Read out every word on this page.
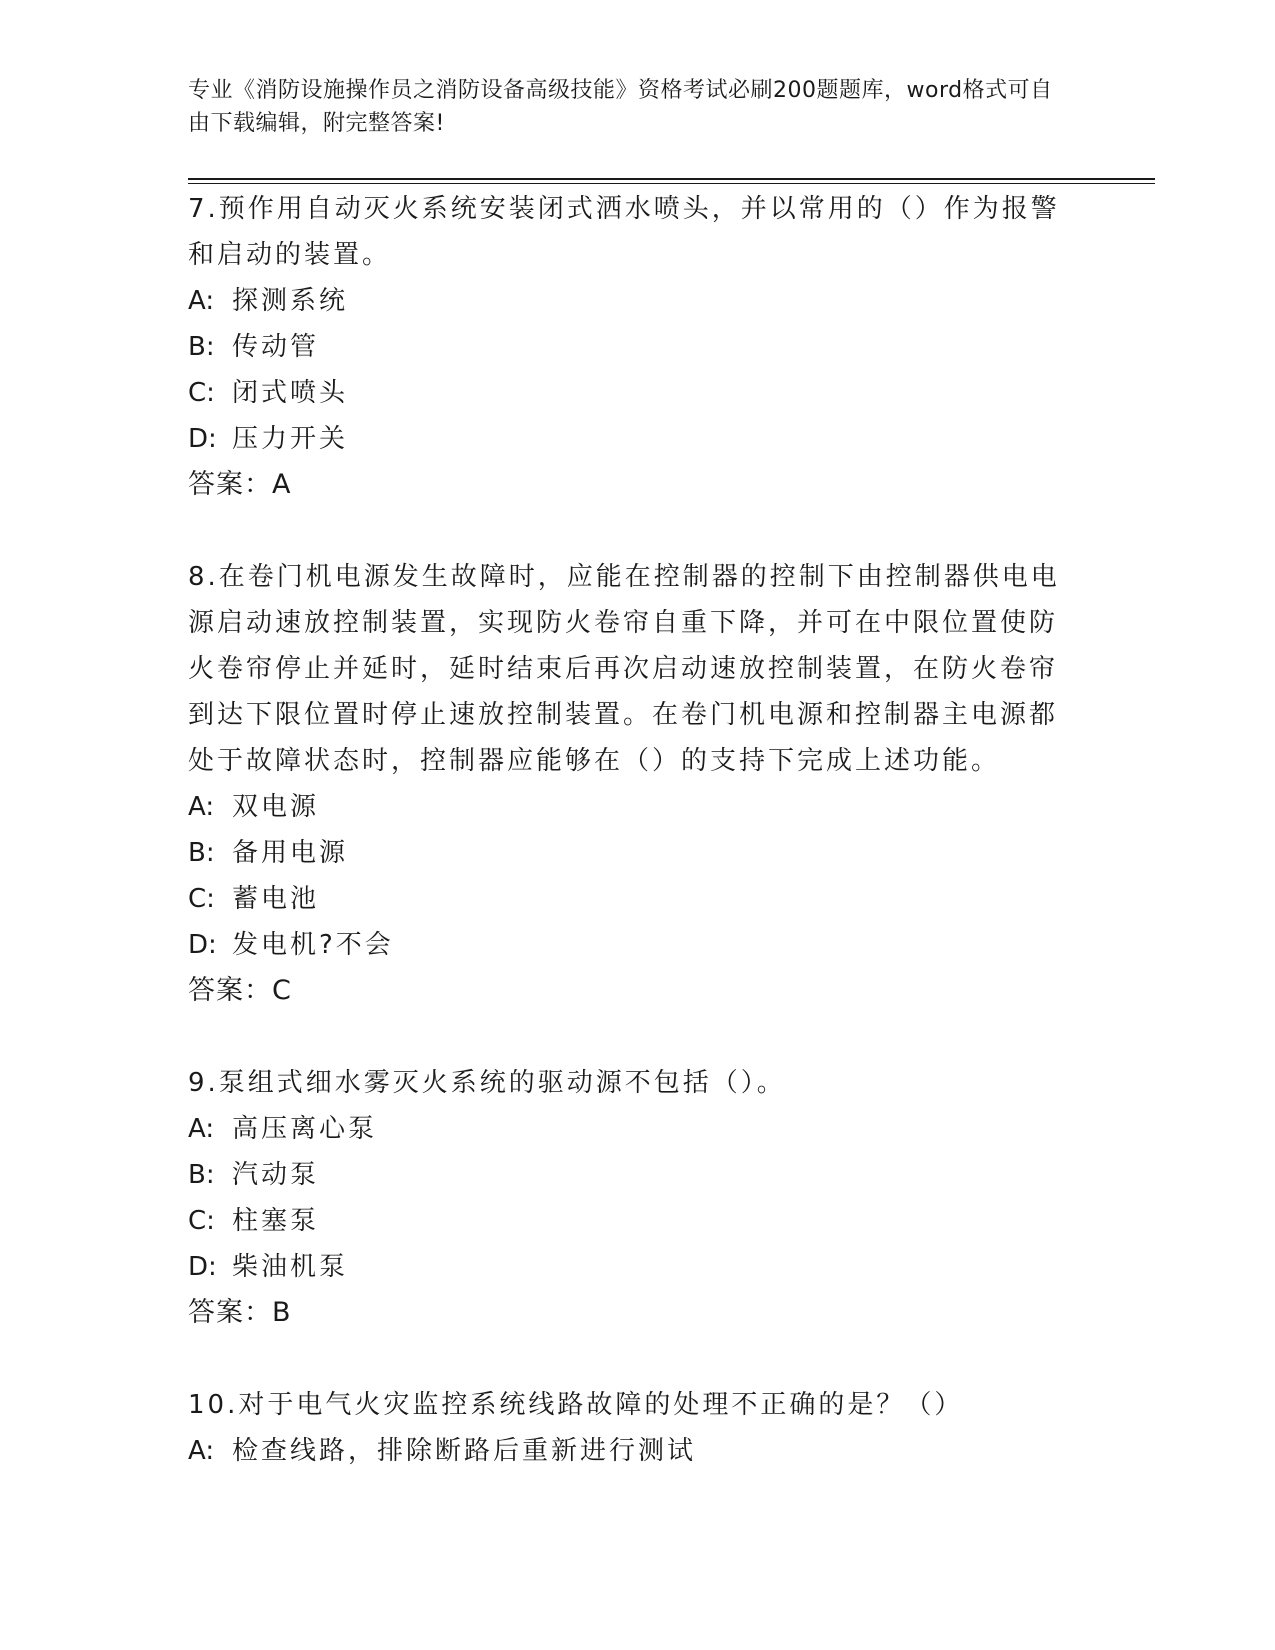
专业《消防设施操作员之消防设备高级技能》资格考试必刷200题题库，word格式可自由下载编辑，附完整答案!
7.预作用自动灭火系统安装闭式洒水喷头，并以常用的（）作为报警和启动的装置。
A: 探测系统
B: 传动管
C: 闭式喷头
D: 压力开关
答案：A
8.在卷门机电源发生故障时，应能在控制器的控制下由控制器供电电源启动速放控制装置，实现防火卷帘自重下降，并可在中限位置使防火卷帘停止并延时，延时结束后再次启动速放控制装置，在防火卷帘到达下限位置时停止速放控制装置。在卷门机电源和控制器主电源都处于故障状态时，控制器应能够在（）的支持下完成上述功能。
A: 双电源
B: 备用电源
C: 蓄电池
D: 发电机?不会
答案：C
9.泵组式细水雾灭火系统的驱动源不包括（）。
A: 高压离心泵
B: 汽动泵
C: 柱塞泵
D: 柴油机泵
答案：B
10.对于电气火灾监控系统线路故障的处理不正确的是？（）
A: 检查线路，排除断路后重新进行测试
